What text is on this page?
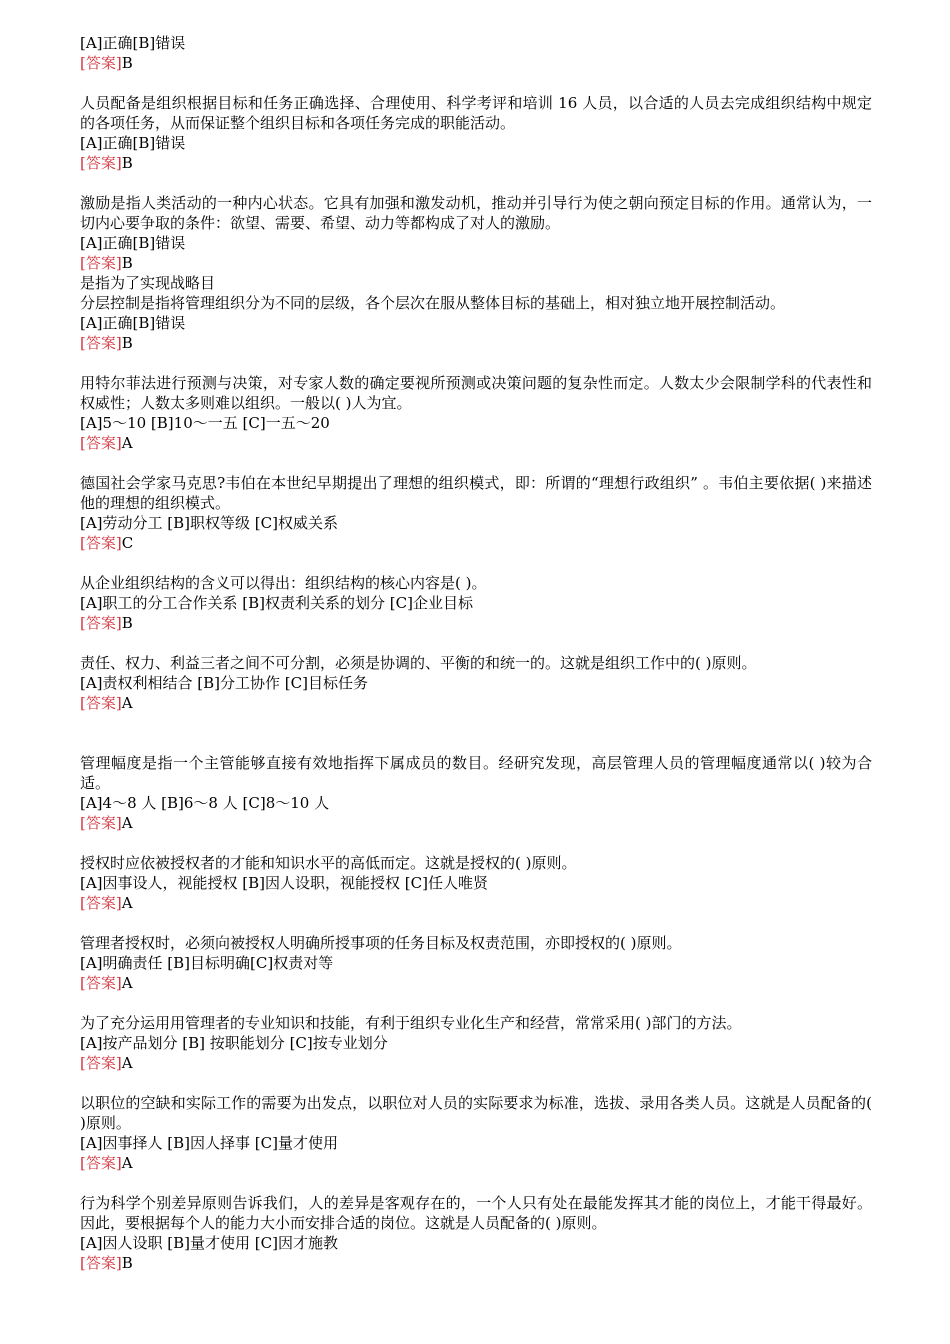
[A]正确[B]错误
[答案]B
人员配备是组织根据目标和任务正确选择、合理使用、科学考评和培训 16 人员，以合适的人员去完成组织结构中规定的各项任务，从而保证整个组织目标和各项任务完成的职能活动。
[A]正确[B]错误
[答案]B
激励是指人类活动的一种内心状态。它具有加强和激发动机，推动并引导行为使之朝向预定目标的作用。通常认为，一切内心要争取的条件：欲望、需要、希望、动力等都构成了对人的激励。
[A]正确[B]错误
[答案]B
是指为了实现战略目
分层控制是指将管理组织分为不同的层级，各个层次在服从整体目标的基础上，相对独立地开展控制活动。
[A]正确[B]错误
[答案]B
用特尔菲法进行预测与决策，对专家人数的确定要视所预测或决策问题的复杂性而定。人数太少会限制学科的代表性和权威性；人数太多则难以组织。一般以( )人为宜。
[A]5～10 [B]10～一五 [C]一五～20
[答案]A
德国社会学家马克思?韦伯在本世纪早期提出了理想的组织模式，即：所谓的“理想行政组织” 。韦伯主要依据( )来描述他的理想的组织模式。
[A]劳动分工 [B]职权等级 [C]权威关系
[答案]C
从企业组织结构的含义可以得出：组织结构的核心内容是( )。
[A]职工的分工合作关系 [B]权责利关系的划分 [C]企业目标
[答案]B
责任、权力、利益三者之间不可分割，必须是协调的、平衡的和统一的。这就是组织工作中的( )原则。
[A]责权利相结合 [B]分工协作 [C]目标任务
[答案]A
管理幅度是指一个主管能够直接有效地指挥下属成员的数目。经研究发现，高层管理人员的管理幅度通常以( )较为合适。
[A]4～8 人 [B]6～8 人 [C]8～10 人
[答案]A
授权时应依被授权者的才能和知识水平的高低而定。这就是授权的( )原则。
[A]因事设人，视能授权 [B]因人设职，视能授权 [C]任人唯贤
[答案]A
管理者授权时，必须向被授权人明确所授事项的任务目标及权责范围，亦即授权的( )原则。
[A]明确责任 [B]目标明确[C]权责对等
[答案]A
为了充分运用用管理者的专业知识和技能，有利于组织专业化生产和经营，常常采用( )部门的方法。
[A]按产品划分 [B] 按职能划分 [C]按专业划分
[答案]A
以职位的空缺和实际工作的需要为出发点，以职位对人员的实际要求为标准，选拔、录用各类人员。这就是人员配备的( )原则。
[A]因事择人 [B]因人择事 [C]量才使用
[答案]A
行为科学个别差异原则告诉我们，人的差异是客观存在的，一个人只有处在最能发挥其才能的岗位上，才能干得最好。因此，要根据每个人的能力大小而安排合适的岗位。这就是人员配备的( )原则。
[A]因人设职 [B]量才使用 [C]因才施教
[答案]B
